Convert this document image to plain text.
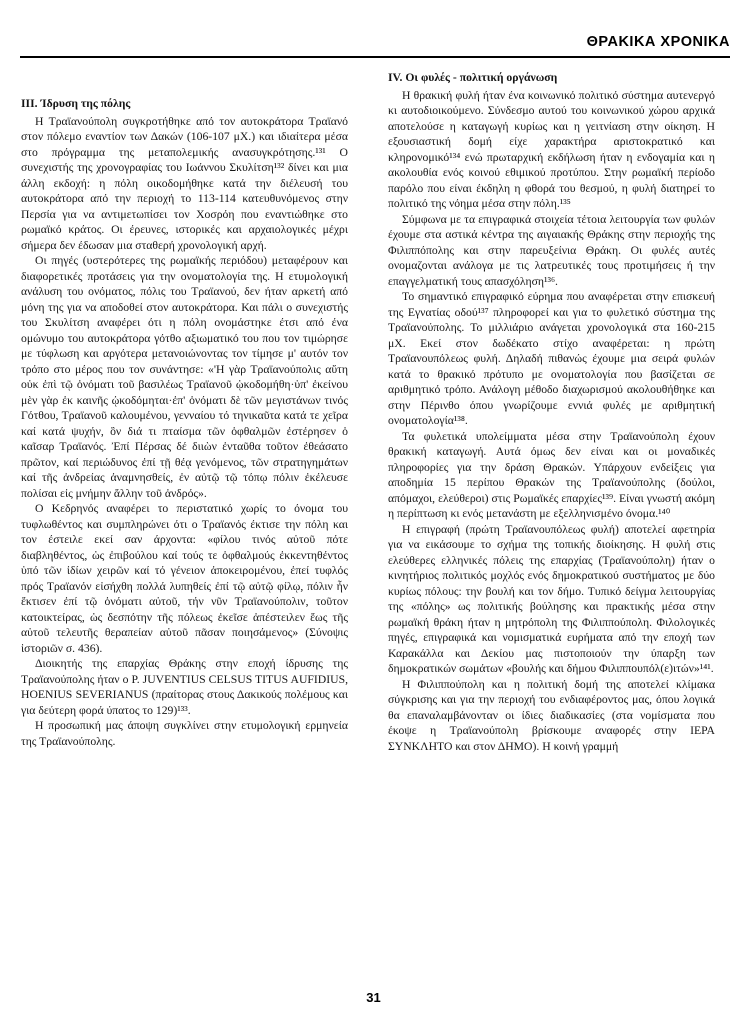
ΘΡΑΚΙΚΑ ΧΡΟΝΙΚΑ
III. Ίδρυση της πόλης

Η Τραϊανούπολη συγκροτήθηκε από τον αυτοκράτορα Τραϊανό στον πόλεμο εναντίον των Δακών (106-107 μΧ.) και ιδιαίτερα μέσα στο πρόγραμμα της μεταπολεμικής ανασυγκρότησης.¹³¹ Ο συνεχιστής της χρονογραφίας του Ιωάννου Σκυλίτση¹³² δίνει και μια άλλη εκδοχή: η πόλη οικοδομήθηκε κατά την διέλευσή του αυτοκράτορα από την περιοχή το 113-114 κατευθυνόμενος στην Περσία για να αντιμετωπίσει τον Χοσρόη που εναντιώθηκε στο ρωμαϊκό κράτος. Οι έρευνες, ιστορικές και αρχαιολογικές μέχρι σήμερα δεν έδωσαν μια σταθερή χρονολογική αρχή.

Οι πηγές (υστερότερες της ρωμαϊκής περιόδου) μεταφέρουν και διαφορετικές προτάσεις για την ονοματολογία της. Η ετυμολογική ανάλυση του ονόματος, πόλις του Τραϊανού, δεν ήταν αρκετή από μόνη της για να αποδοθεί στον αυτοκράτορα. Και πάλι ο συνεχιστής του Σκυλίτση αναφέρει ότι η πόλη ονομάστηκε έτσι από ένα ομώνυμο του αυτοκράτορα γότθο αξιωματικό του που τον τιμώρησε με τύφλωση και αργότερα μετανοιώνοντας τον τίμησε μ' αυτόν τον τρόπο στο μέρος που τον συνάντησε: «'Η γὰρ Τραϊανούπολις αὕτη οὐκ ἐπὶ τῷ ὀνόματι τοῦ βασιλέως Τραϊανοῦ ᾠκοδομήθη·ὑπ' ἐκείνου μὲν γὰρ ἐκ καινῆς ᾠκοδόμηται·ἐπ' ὀνόματι δὲ τῶν μεγιστάνων τινός Γότθου, Τραϊανοῦ καλουμένου, γενναίου τό τηνικαῦτα κατά τε χεῖρα καί κατά ψυχήν, ὃν διά τι πταίσμα τῶν ὀφθαλμῶν ἐστέρησεν ὁ καῖσαρ Τραϊανός. Ἐπί Πέρσας δέ διιὼν ἐνταῦθα τοῦτον ἐθεάσατο πρῶτον, καί περιώδυνος ἐπί τῇ θέᾳ γενόμενος, τῶν στρατηγημάτων καί τῆς ἀνδρείας ἀναμνησθείς, ἐν αὐτῷ τῷ τόπῳ πόλιν ἐκέλευσε πολίσαι εἰς μνήμην ἄλλην τοῦ ἀνδρός».

Ο Κεδρηνός αναφέρει το περιστατικό χωρίς το όνομα του τυφλωθέντος και συμπληρώνει ότι ο Τραϊανός έκτισε την πόλη και τον έστειλε εκεί σαν άρχοντα: «φίλου τινός αὐτοῦ πότε διαβληθέντος, ὡς ἐπιβούλου καί τούς τε ὀφθαλμούς ἐκκεντηθέντος ὑπό τῶν ἰδίων χειρῶν καί τό γένειον ἀποκειρομένου, ἐπεί τυφλός πρός Τραϊανόν εἰσήχθη πολλά λυπηθείς ἐπί τῷ αὐτῷ φίλῳ, πόλιν ἦν ἔκτισεν ἐπί τῷ ὀνόματι αὐτοῦ, τήν νῦν Τραϊανούπολιν, τοῦτον κατοικτείρας, ὡς δεσπότην τῆς πόλεως ἐκεῖσε ἀπέστειλεν ἕως τῆς αὐτοῦ τελευτῆς θεραπείαν αὐτοῦ πᾶσαν ποιησάμενος» (Σύνοψις ἱστοριῶν σ. 436).

Διοικητής της επαρχίας Θράκης στην εποχή ίδρυσης της Τραϊανούπολης ήταν ο P. JUVENTIUS CELSUS TITUS AUFIDIUS, HOENIUS SEVERIANUS (πραίτορας στους Δακικούς πολέμους και για δεύτερη φορά ύπατος το 129)¹³³.

Η προσωπική μας άποψη συγκλίνει στην ετυμολογική ερμηνεία της Τραϊανούπολης.

IV. Οι φυλές - πολιτική οργάνωση

Η θρακική φυλή ήταν ένα κοινωνικό πολιτικό σύστημα αυτενεργό κι αυτοδιοικούμενο. Σύνδεσμο αυτού του κοινωνικού χώρου αρχικά αποτελούσε η καταγωγή κυρίως και η γειτνίαση στην οίκηση. Η εξουσιαστική δομή είχε χαρακτήρα αριστοκρατικό και κληρονομικό¹³⁴ ενώ πρωταρχική εκδήλωση ήταν η ενδογαμία και η ακολουθία ενός κοινού εθιμικού προτύπου. Στην ρωμαϊκή περίοδο παρόλο που είναι έκδηλη η φθορά του θεσμού, η φυλή διατηρεί το πολιτικό της νόημα μέσα στην πόλη.¹³⁵

Σύμφωνα με τα επιγραφικά στοιχεία τέτοια λειτουργία των φυλών έχουμε στα αστικά κέντρα της αιγαιακής Θράκης στην περιοχής της Φιλιππόπολης και στην παρευξείνια Θράκη. Οι φυλές αυτές ονομαζονται ανάλογα με τις λατρευτικές τους προτιμήσεις ή την επαγγελματική τους απασχόληση¹³⁶.

Το σημαντικό επιγραφικό εύρημα που αναφέρεται στην επισκευή της Εγνατίας οδού¹³⁷ πληροφορεί και για το φυλετικό σύστημα της Τραϊανούπολης. Το μιλλιάριο ανάγεται χρονολογικά στα 160-215 μΧ. Εκεί στον δωδέκατο στίχο αναφέρεται: η πρώτη Τραϊανουπόλεως φυλή. Δηλαδή πιθανώς έχουμε μια σειρά φυλών κατά το θρακικό πρότυπο με ονοματολογία που βασίζεται σε αριθμητικό τρόπο. Ανάλογη μέθοδο διαχωρισμού ακολουθήθηκε και στην Πέρινθο όπου γνωρίζουμε εννιά φυλές με αριθμητική ονοματολογία¹³⁸.

Τα φυλετικά υπολείμματα μέσα στην Τραϊανούπολη έχουν θρακική καταγωγή. Αυτά όμως δεν είναι και οι μοναδικές πληροφορίες για την δράση Θρακών. Υπάρχουν ενδείξεις για αποδημία 15 περίπου Θρακών της Τραϊανούπολης (δούλοι, απόμαχοι, ελεύθεροι) στις Ρωμαϊκές επαρχίες¹³⁹. Είναι γνωστή ακόμη η περίπτωση κι ενός μετανάστη με εξελληνισμένο όνομα.¹⁴⁰

Η επιγραφή (πρώτη Τραϊανουπόλεως φυλή) αποτελεί αφετηρία για να εικάσουμε το σχήμα της τοπικής διοίκησης. Η φυλή στις ελεύθερες ελληνικές πόλεις της επαρχίας (Τραϊανούπολη) ήταν ο κινητήριος πολιτικός μοχλός ενός δημοκρατικού συστήματος με δύο κυρίως πόλους: την βουλή και τον δήμο. Τυπικό δείγμα λειτουργίας της «πόλης» ως πολιτικής βούλησης και πρακτικής μέσα στην ρωμαϊκή θράκη ήταν η μητρόπολη της Φιλιππούπολη. Φιλολογικές πηγές, επιγραφικά και νομισματικά ευρήματα από την εποχή των Καρακάλλα και Δεκίου μας πιστοποιούν την ύπαρξη των δημοκρατικών σωμάτων «βουλής και δήμου Φιλιππουπόλ(ε)ιτών»¹⁴¹.

Η Φιλιππούπολη και η πολιτική δομή της αποτελεί κλίμακα σύγκρισης και για την περιοχή του ενδιαφέροντος μας, όπου λογικά θα επαναλαμβάνονταν οι ίδιες διαδικασίες (στα νομίσματα που έκοψε η Τραϊανούπολη βρίσκουμε αναφορές στην ΙΕΡΑ ΣΥΝΚΛΗΤΟ και στον ΔΗΜΟ). Η κοινή γραμμή

31
